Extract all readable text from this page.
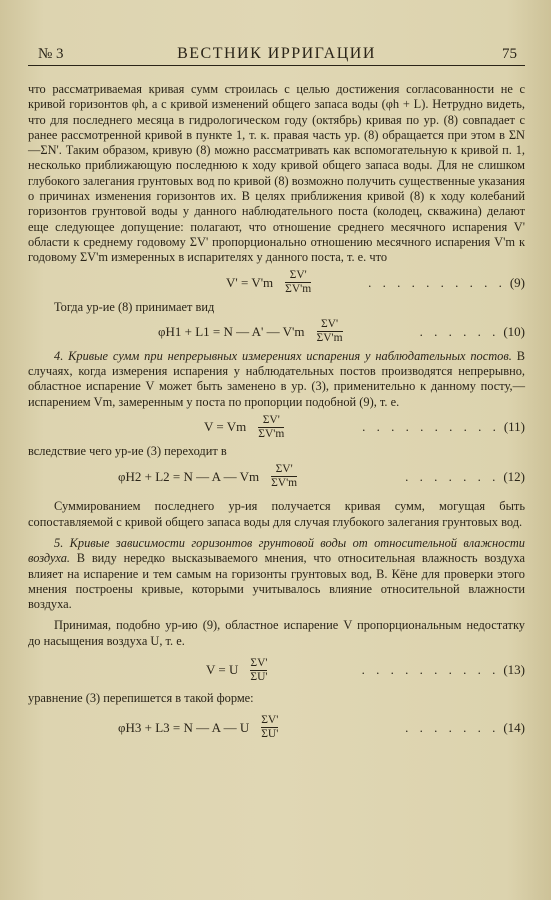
№ 3	ВЕСТНИК ИРРИГАЦИИ	75

что рассматриваемая кривая сумм строилась с целью достижения согласованности не с кривой горизонтов φh, а с кривой изменений общего запаса воды (φh + L). Нетрудно видеть, что для последнего месяца в гидрологическом году (октябрь) кривая по ур. (8) совпадает с ранее рассмотренной кривой в пункте 1, т. к. правая часть ур. (8) обращается при этом в ΣN—ΣN'. Таким образом, кривую (8) можно рассматривать как вспомогательную к кривой п. 1, несколько приближающую последнюю к ходу кривой общего запаса воды. Для не слишком глубокого залегания грунтовых вод по кривой (8) возможно получить существенные указания о причинах изменения горизонтов их. В целях приближения кривой (8) к ходу колебаний горизонтов грунтовой воды у данного наблюдательного поста (колодец, скважина) делают еще следующее допущение: полагают, что отношение среднего месячного испарения V' области к среднему годовому ΣV' пропорционально отношению месячного испарения V'm к годовому ΣV'm измеренных в испарителях у данного поста, т. е. что

$V' = V'm \frac{\Sigma V'}{\Sigma V'm}$	. . . . . . . . . . (9)

Тогда ур-ие (8) принимает вид

φH1 + L1 = N — A' — $V'm \frac{\Sigma V'}{\Sigma V'm}$	. . . . . . (10)

4. Кривые сумм при непрерывных измерениях испарения у наблюдательных постов. В случаях, когда измерения испарения у наблюдательных постов производятся непрерывно, областное испарение V может быть заменено в ур. (3), применительно к данному посту,—испарением Vm, замеренным у поста по пропорции подобной (9), т. е.

V = Vm $\frac{\Sigma V'}{\Sigma V'm}$	. . . . . . . . . . (11)

вследствие чего ур-ие (3) переходит в

φH2 + L2 = N — A — Vm $\frac{\Sigma V'}{\Sigma V'm}$	. . . . . . . (12)

Суммированием последнего ур-ия получается кривая сумм, могущая быть сопоставляемой с кривой общего запаса воды для случая глубокого залегания грунтовых вод.

5. Кривые зависимости горизонтов грунтовой воды от относительной влажности воздуха. В виду нередко высказываемого мнения, что относительная влажность воздуха влияет на испарение и тем самым на горизонты грунтовых вод, В. Кёне для проверки этого мнения построены кривые, которыми учитывалось влияние относительной влажности воздуха.

Принимая, подобно ур-ию (9), областное испарение V пропорциональным недостатку до насыщения воздуха U, т. е.

V = U $\frac{\Sigma V'}{\Sigma U'}$	. . . . . . . . . . (13)

уравнение (3) перепишется в такой форме:

φH3 + L3 = N — A — U $\frac{\Sigma V'}{\Sigma U'}$	. . . . . . . (14)
